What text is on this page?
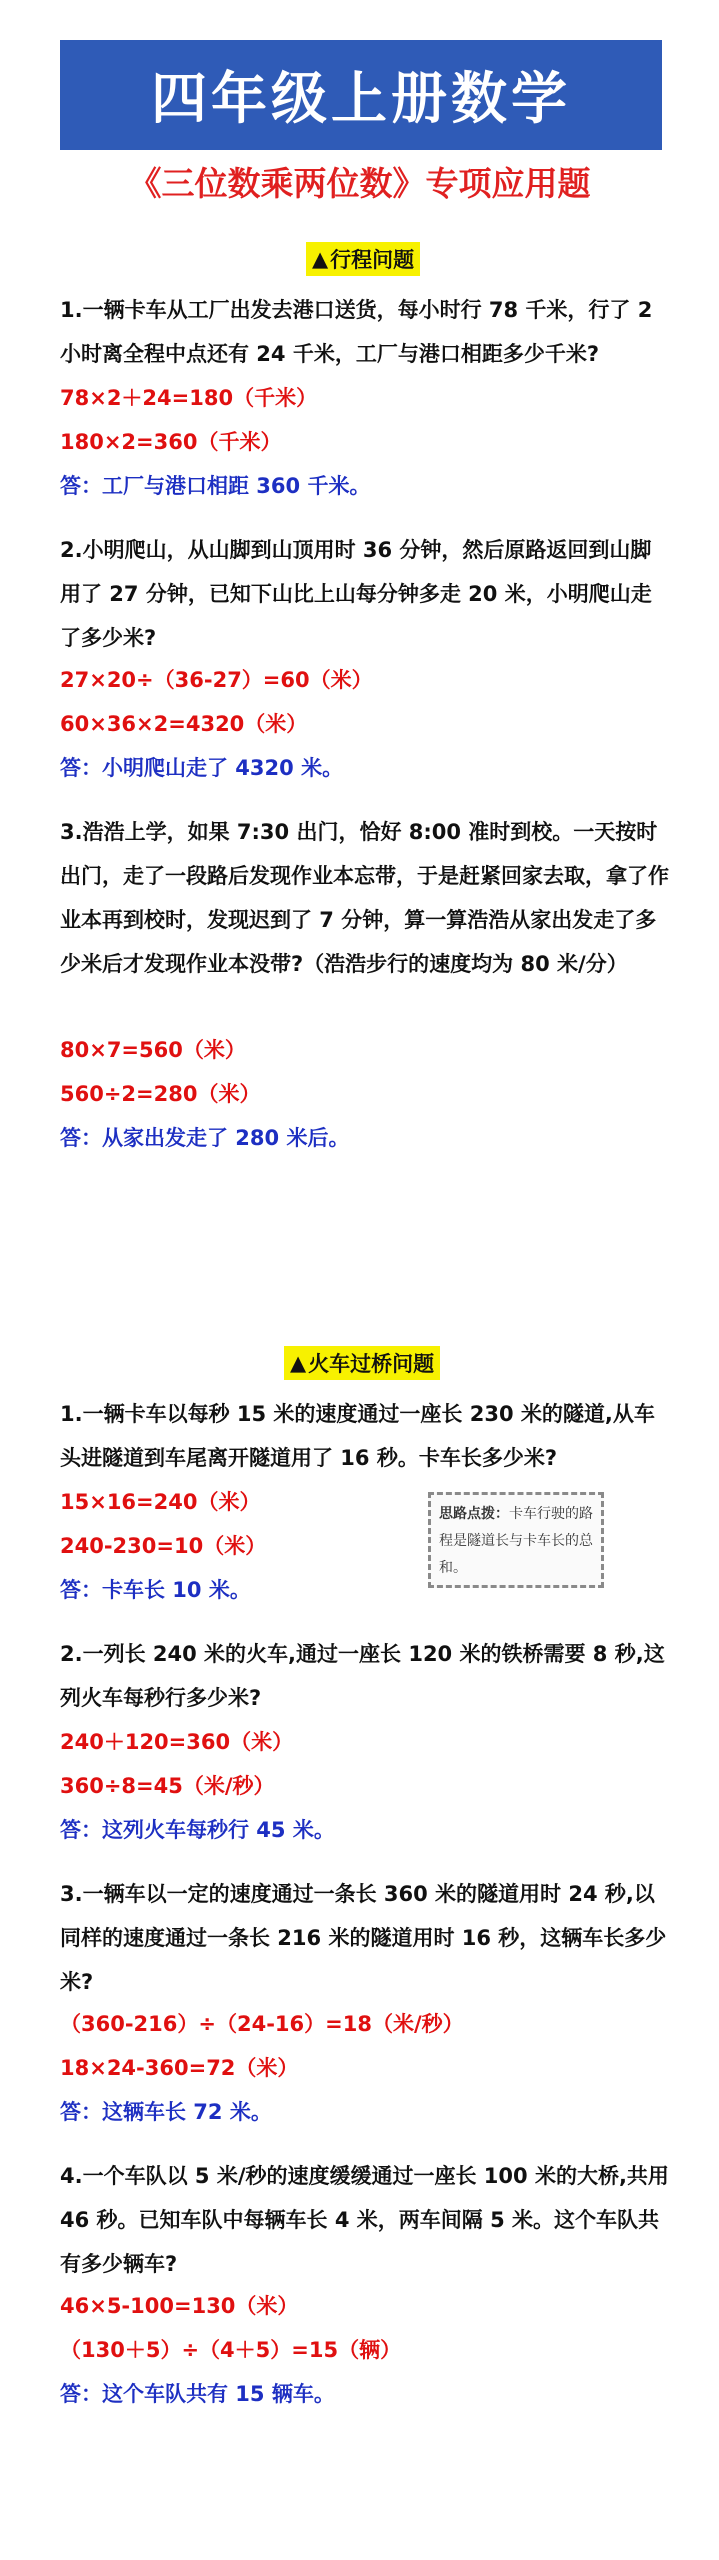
四年级上册数学
《三位数乘两位数》专项应用题
▲ 行程问题
1.一辆卡车从工厂出发去港口送货，每小时行 78 千米，行了 2 小时离全程中点还有 24 千米，工厂与港口相距多少千米?
78×2＋24=180（千米）
180×2=360（千米）
答：工厂与港口相距 360 千米。
2.小明爬山，从山脚到山顶用时 36 分钟，然后原路返回到山脚用了 27 分钟，已知下山比上山每分钟多走 20 米，小明爬山走了多少米?
27×20÷（36-27）=60（米）
60×36×2=4320（米）
答：小明爬山走了 4320 米。
3.浩浩上学，如果 7:30 出门，恰好 8:00 准时到校。一天按时出门，走了一段路后发现作业本忘带，于是赶紧回家去取，拿了作业本再到校时，发现迟到了 7 分钟，算一算浩浩从家出发走了多少米后才发现作业本没带?（浩浩步行的速度均为 80 米/分）
80×7=560（米）
560÷2=280（米）
答：从家出发走了 280 米后。
▲ 火车过桥问题
1.一辆卡车以每秒 15 米的速度通过一座长 230 米的隧道,从车头进隧道到车尾离开隧道用了 16 秒。卡车长多少米?
15×16=240（米）
240-230=10（米）
答：卡车长 10 米。
思路点拨：卡车行驶的路程是隧道长与卡车长的总和。
2.一列长 240 米的火车,通过一座长 120 米的铁桥需要 8 秒,这列火车每秒行多少米?
240＋120=360（米）
360÷8=45（米/秒）
答：这列火车每秒行 45 米。
3.一辆车以一定的速度通过一条长 360 米的隧道用时 24 秒,以同样的速度通过一条长 216 米的隧道用时 16 秒，这辆车长多少米?
（360-216）÷（24-16）=18（米/秒）
18×24-360=72（米）
答：这辆车长 72 米。
4.一个车队以 5 米/秒的速度缓缓通过一座长 100 米的大桥,共用 46 秒。已知车队中每辆车长 4 米，两车间隔 5 米。这个车队共有多少辆车?
46×5-100=130（米）
（130＋5）÷（4＋5）=15（辆）
答：这个车队共有 15 辆车。
